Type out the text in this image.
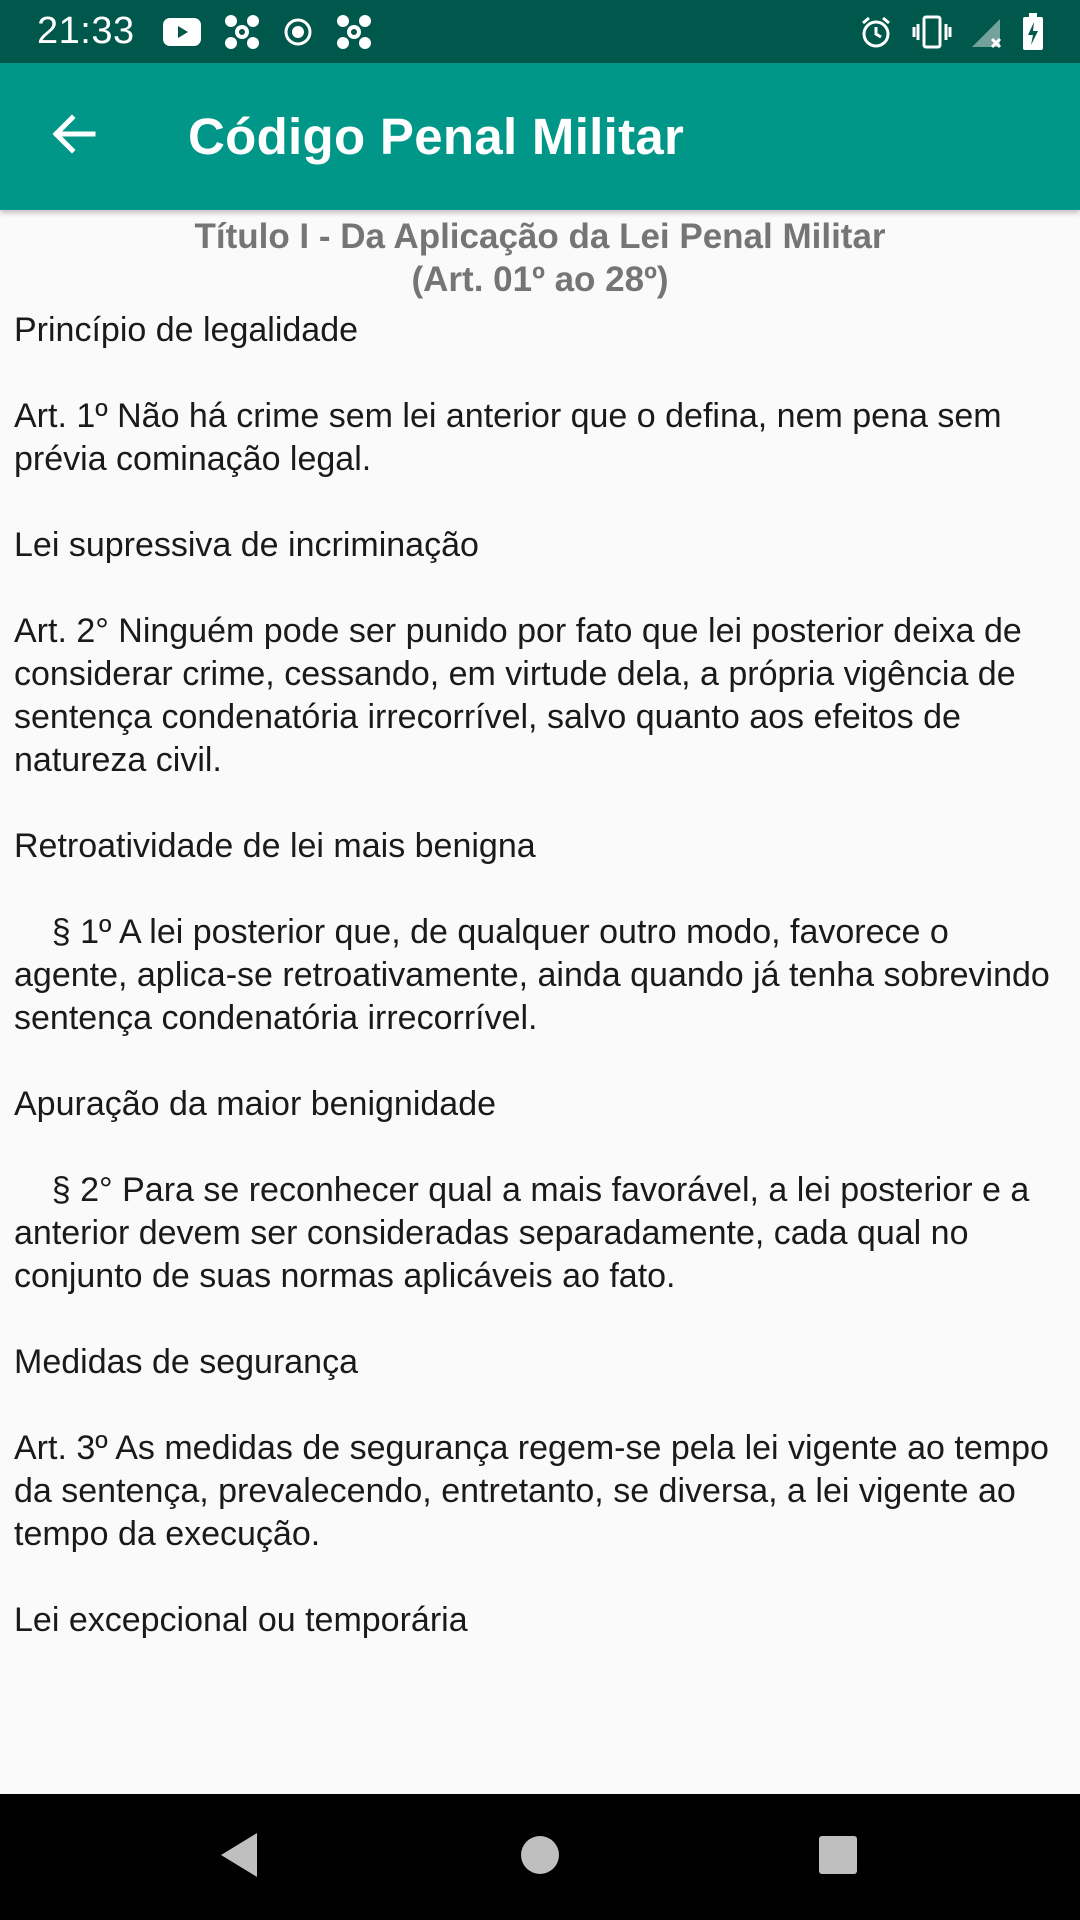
21:33
Código Penal Militar
Título I - Da Aplicação da Lei Penal Militar
(Art. 01º ao 28º)

Princípio de legalidade

Art. 1º Não há crime sem lei anterior que o defina, nem pena sem prévia cominação legal.

Lei supressiva de incriminação

Art. 2° Ninguém pode ser punido por fato que lei posterior deixa de considerar crime, cessando, em virtude dela, a própria vigência de sentença condenatória irrecorrível, salvo quanto aos efeitos de natureza civil.

Retroatividade de lei mais benigna

§ 1º A lei posterior que, de qualquer outro modo, favorece o agente, aplica-se retroativamente, ainda quando já tenha sobrevindo sentença condenatória irrecorrível.

Apuração da maior benignidade

§ 2° Para se reconhecer qual a mais favorável, a lei posterior e a anterior devem ser consideradas separadamente, cada qual no conjunto de suas normas aplicáveis ao fato.

Medidas de segurança

Art. 3º As medidas de segurança regem-se pela lei vigente ao tempo da sentença, prevalecendo, entretanto, se diversa, a lei vigente ao tempo da execução.

Lei excepcional ou temporária
